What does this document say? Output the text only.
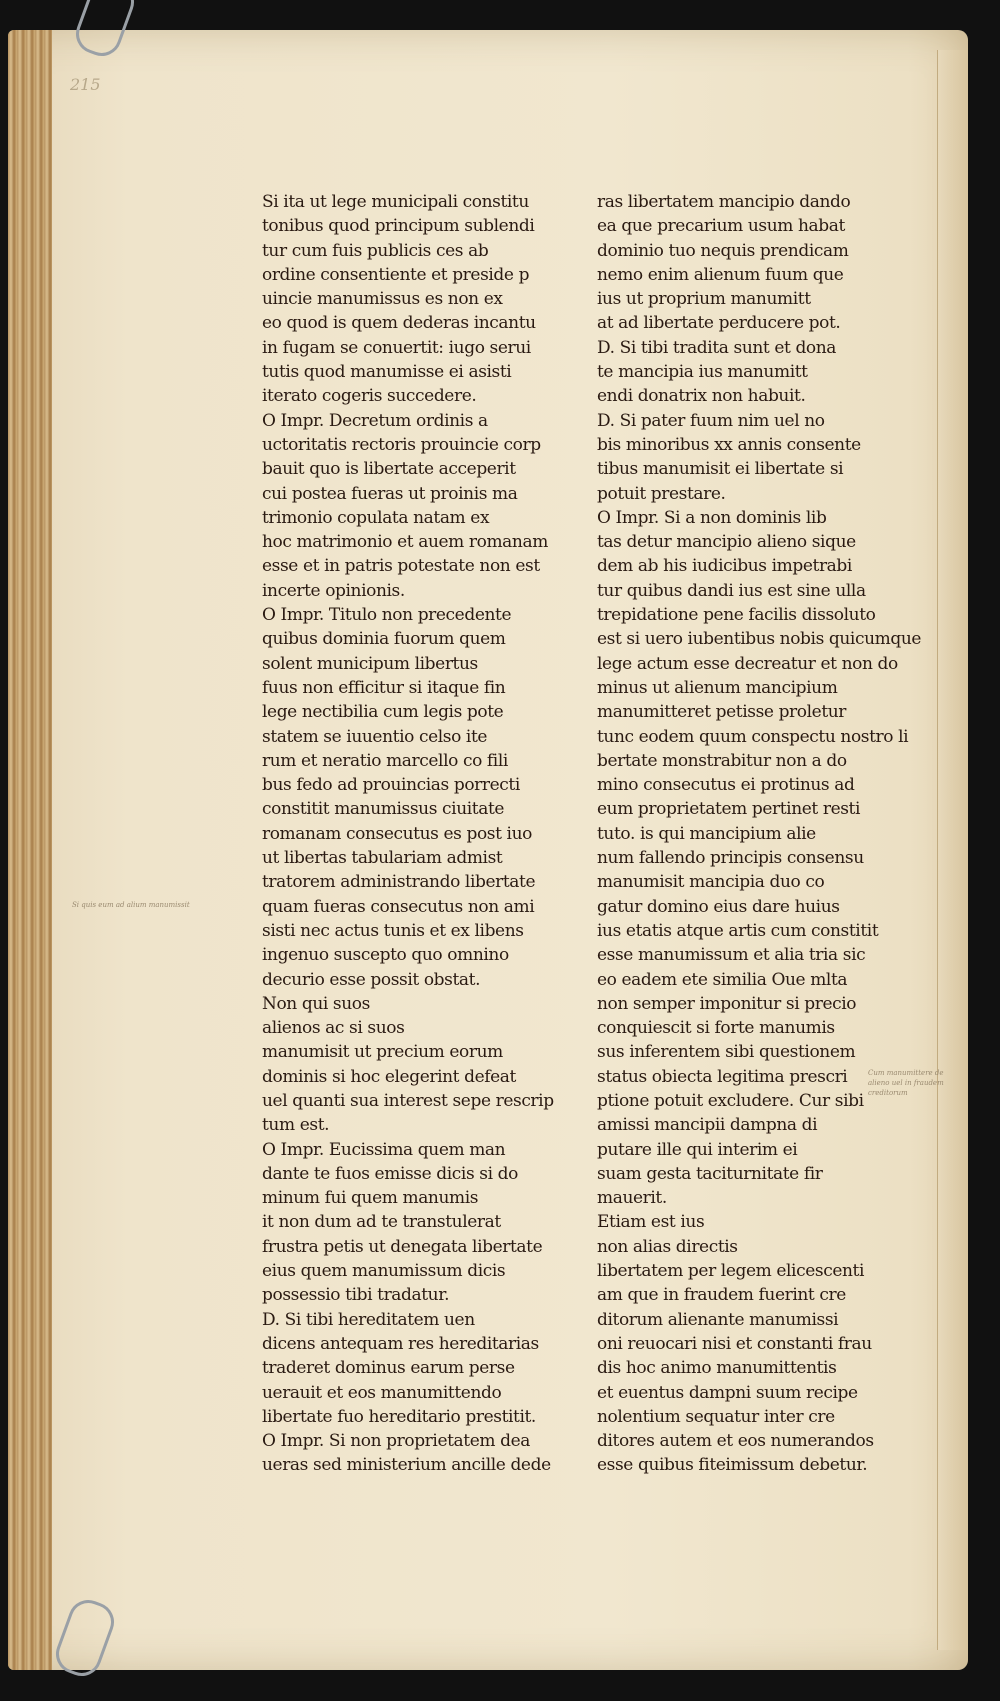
215
Si quis eum ad alium manumissit
Cum manumittere de alieno uel in fraudem creditorum
Si ita ut lege municipali constitu
tonibus quod principum sublendi
tur cum fuis publicis ces ab
ordine consentiente et preside p
uincie manumissus es non ex
eo quod is quem dederas incantu
in fugam se conuertit: iugo serui
tutis quod manumisse ei asisti
iterato cogeris succedere.
O Impr. Decretum ordinis a
uctoritatis rectoris prouincie corp
bauit quo is libertate acceperit
cui postea fueras ut proinis ma
trimonio copulata natam ex
hoc matrimonio et auem romanam
esse et in patris potestate non est
incerte opinionis.
O Impr. Titulo non precedente
quibus dominia fuorum quem
solent municipum libertus
fuus non efficitur si itaque fin
lege nectibilia cum legis pote
statem se iuuentio celso ite
rum et neratio marcello co fili
bus fedo ad prouincias porrecti
constitit manumissus ciuitate
romanam consecutus es post iuo
ut libertas tabulariam admist
tratorem administrando libertate
quam fueras consecutus non ami
sisti nec actus tunis et ex libens
ingenuo suscepto quo omnino
decurio esse possit obstat.
Non qui suos
alienos ac si suos
manumisit ut precium eorum
dominis si hoc elegerint defeat
uel quanti sua interest sepe rescrip
tum est.
O Impr. Eucissima quem man
dante te fuos emisse dicis si do
minum fui quem manumis
it non dum ad te transtulerat
frustra petis ut denegata libertate
eius quem manumissum dicis
possessio tibi tradatur.
D. Si tibi hereditatem uen
dicens antequam res hereditarias
traderet dominus earum perse
uerauit et eos manumittendo
libertate fuo hereditario prestitit.
O Impr. Si non proprietatem dea
ueras sed ministerium ancille dede
ras libertatem mancipio dando
ea que precarium usum habat
dominio tuo nequis prendicam
nemo enim alienum fuum que
ius ut proprium manumitt
at ad libertate perducere pot.
D. Si tibi tradita sunt et dona
te mancipia ius manumitt
endi donatrix non habuit.
D. Si pater fuum nim uel no
bis minoribus xx annis consente
tibus manumisit ei libertate si
potuit prestare.
O Impr. Si a non dominis lib
tas detur mancipio alieno sique
dem ab his iudicibus impetrabi
tur quibus dandi ius est sine ulla
trepidatione pene facilis dissoluto
est si uero iubentibus nobis quicumque
lege actum esse decreatur et non do
minus ut alienum mancipium
manumitteret petisse proletur
tunc eodem quum conspectu nostro li
bertate monstrabitur non a do
mino consecutus ei protinus ad
eum proprietatem pertinet resti
tuto. is qui mancipium alie
num fallendo principis consensu
manumisit mancipia duo co
gatur domino eius dare huius
ius etatis atque artis cum constitit
esse manumissum et alia tria sic
eo eadem ete similia Oue mlta
non semper imponitur si precio
conquiescit si forte manumis
sus inferentem sibi questionem
status obiecta legitima prescri
ptione potuit excludere. Cur sibi
amissi mancipii dampna di
putare ille qui interim ei
suam gesta taciturnitate fir
mauerit.
Etiam est ius
non alias directis
libertatem per legem elicescenti
am que in fraudem fuerint cre
ditorum alienante manumissi
oni reuocari nisi et constanti frau
dis hoc animo manumittentis
et euentus dampni suum recipe
nolentium sequatur inter cre
ditores autem et eos numerandos
esse quibus fiteimissum debetur.
